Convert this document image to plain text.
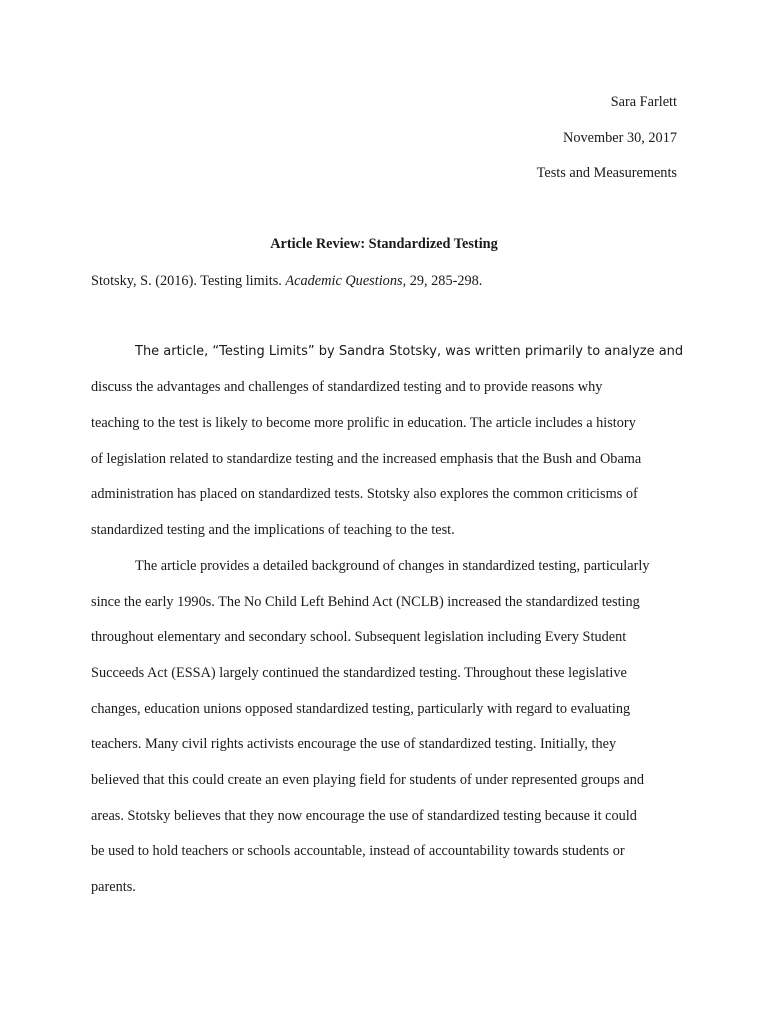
Sara Farlett
November 30, 2017
Tests and Measurements
Article Review: Standardized Testing
Stotsky, S. (2016). Testing limits. Academic Questions, 29, 285-298.
The article, “Testing Limits” by Sandra Stotsky, was written primarily to analyze and
discuss the advantages and challenges of standardized testing and to provide reasons why
teaching to the test is likely to become more prolific in education. The article includes a history
of legislation related to standardize testing and the increased emphasis that the Bush and Obama
administration has placed on standardized tests. Stotsky also explores the common criticisms of
standardized testing and the implications of teaching to the test.
The article provides a detailed background of changes in standardized testing, particularly
since the early 1990s. The No Child Left Behind Act (NCLB) increased the standardized testing
throughout elementary and secondary school. Subsequent legislation including Every Student
Succeeds Act (ESSA) largely continued the standardized testing. Throughout these legislative
changes, education unions opposed standardized testing, particularly with regard to evaluating
teachers. Many civil rights activists encourage the use of standardized testing. Initially, they
believed that this could create an even playing field for students of under represented groups and
areas. Stotsky believes that they now encourage the use of standardized testing because it could
be used to hold teachers or schools accountable, instead of accountability towards students or
parents.
